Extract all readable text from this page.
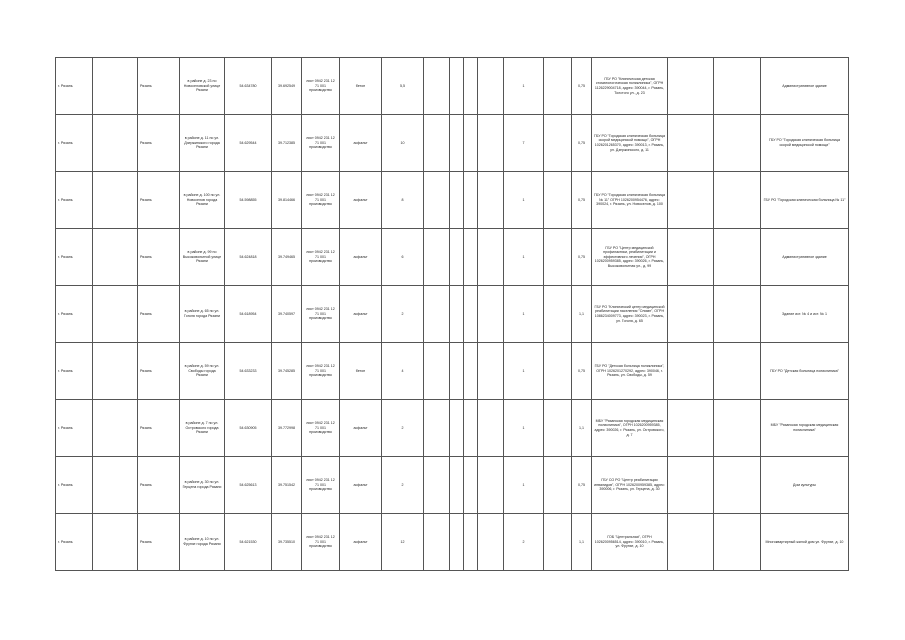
г. Рязань		Рязань	в районе д. 23 по Новоселовской улице Рязани	54.634780	39.692549	лист 0942 231 12 71 001 производство	бетон	5,5					1		0,75	ГБУ РО "Клиническая детская стоматологическая поликлиника", ОГРН 1126229004718, адрес: 390044, г. Рязань, Толстого ул., д. 23			Административное здание
г. Рязань		Рязань	в районе д. 11 по ул. Дзержинского города Рязани	54.629544	39.712385	лист 0942 231 12 71 001 производство	асфальт	10					7		0,75	ГБУ РО "Городская клиническая больница скорой медицинской помощи", ОГРН 1026201265370, адрес: 390013, г. Рязань, ул. Дзержинского, д. 11			ГБУ РО "Городская клиническая больница скорой медицинской помощи"
г. Рязань		Рязань	в районе д. 100 по ул. Новоселов города Рязани	54.598855	39.814466	лист 0942 231 12 71 001 производство	асфальт	8					1		0,75	ГБУ РО "Городская клиническая больница № 11" ОГРН 1026200954476, адрес: 390024, г. Рязань, ул. Новоселов, д. 100			ГБУ РО "Городская клиническая больница № 11"
г. Рязань		Рязань	в районе д. 99 по Высоковольтной улице Рязани	54.624818	39.749465	лист 0942 231 12 71 001 производство	асфальт	6					1		0,75	ГБУ РО "Центр медицинской профилактики, реабилитации и эффективного лечения", ОГРН 1026200959385, адрес: 390026, г. Рязань, Высоковольтная ул., д. 99			Административное здание
г. Рязань		Рязань	в районе д. 65 по ул. Гоголя города Рязани	54.618954	39.740597	лист 0942 231 12 71 001 производство	асфальт	2					1		1,1	ГБУ РО "Клинический центр медицинской реабилитации населения "Олимп", ОГРН 1086234009773, адрес: 390023, г. Рязань, ул. Гоголя, д. 65			Здание ист. № 4 и ист. № 1
г. Рязань		Рязань	в районе д. 59 по ул. Свободы города Рязани	54.633233	39.745285	лист 0942 231 12 71 001 производство	бетон	4					1		0,75	ГБУ РО "Детская больница поликлиника", ОГРН 1026201270292, адрес: 390046, г. Рязань, ул. Свободы, д. 59			ГБУ РО "Детская больница поликлиника"
г. Рязань		Рязань	в районе д. 7 по ул. Островского города Рязани	54.630905	39.772998	лист 0942 231 12 71 001 производство	асфальт	2					1		1,1	МБУ "Рязанская городская медицинская поликлиника", ОГРН 1026200959385, адрес: 390026, г. Рязань, ул. Островского, д. 7			МБУ "Рязанская городская медицинская поликлиника"
г. Рязань		Рязань	в районе д. 30 по ул. Герцена города Рязани	54.625613	39.751542	лист 0942 231 12 71 001 производство	асфальт	2					1		0,75	ГБУ СО РО "Центр реабилитации инвалидов", ОГРН 1026200959385, адрес: 390006, г. Рязань, ул. Герцена, д. 30			Дом культуры
г. Рязань		Рязань	в районе д. 10 по ул. Фрунзе города Рязани	54.621530	39.735510	лист 0942 231 12 71 001 производство	асфальт	12					2		1,1	ГОБ "Центральная", ОГРН 1026200956514, адрес: 390010, г. Рязань, ул. Фрунзе, д. 10			Многоквартирный жилой дом ул. Фрунзе, д. 10
